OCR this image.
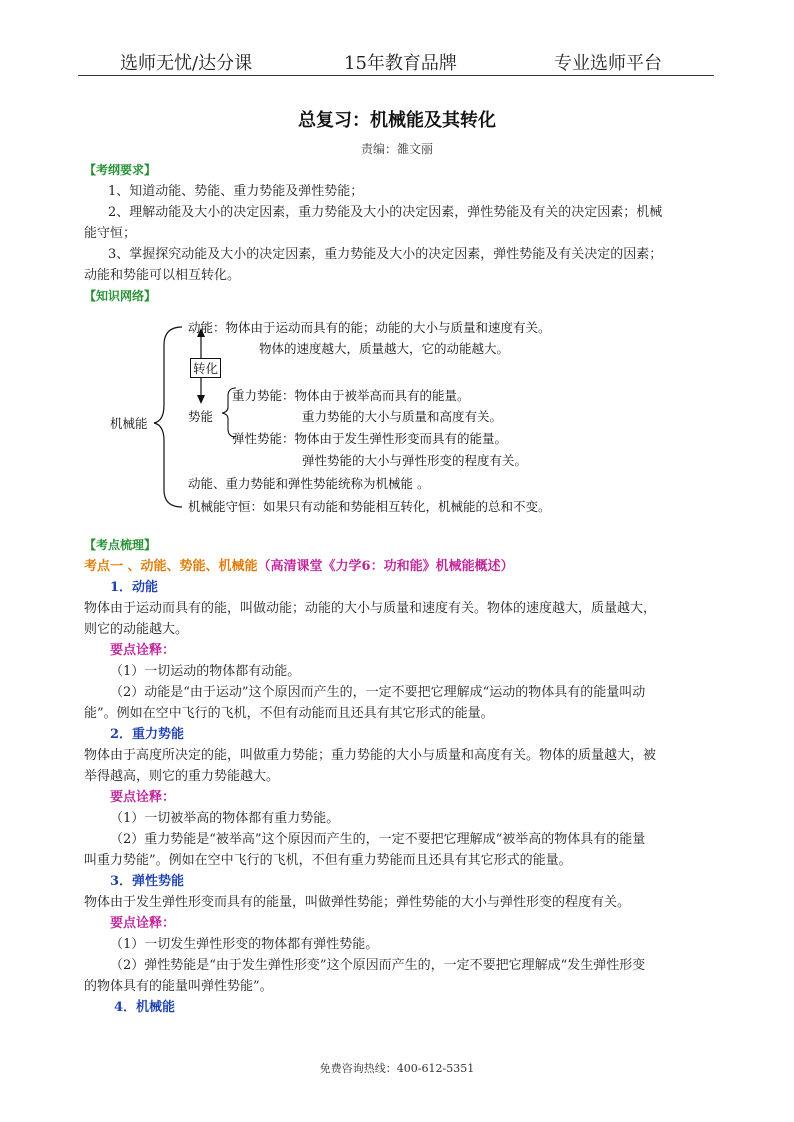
选师无忧/达分课	15年教育品牌	专业选师平台
总复习：机械能及其转化
责编：雒文丽
【考纲要求】
1、知道动能、势能、重力势能及弹性势能；
2、理解动能及大小的决定因素，重力势能及大小的决定因素，弹性势能及有关的决定因素；机械
能守恒；
3、掌握探究动能及大小的决定因素，重力势能及大小的决定因素，弹性势能及有关决定的因素；
动能和势能可以相互转化。
【知识网络】
机械能
动能：物体由于运动而具有的能；动能的大小与质量和速度有关。
物体的速度越大，质量越大，它的动能越大。
转化
势能
重力势能：物体由于被举高而具有的能量。
重力势能的大小与质量和高度有关。
弹性势能：物体由于发生弹性形变而具有的能量。
弹性势能的大小与弹性形变的程度有关。
动能、重力势能和弹性势能统称为机械能 。
机械能守恒：如果只有动能和势能相互转化，机械能的总和不变。
【考点梳理】
考点一 、动能、势能、机械能（高清课堂《力学6：功和能》机械能概述）
1．动能
物体由于运动而具有的能，叫做动能；动能的大小与质量和速度有关。物体的速度越大，质量越大，
则它的动能越大。
要点诠释：
（1）一切运动的物体都有动能。
（2）动能是“由于运动”这个原因而产生的，一定不要把它理解成“运动的物体具有的能量叫动
能”。例如在空中飞行的飞机，不但有动能而且还具有其它形式的能量。
2．重力势能
物体由于高度所决定的能，叫做重力势能；重力势能的大小与质量和高度有关。物体的质量越大，被
举得越高，则它的重力势能越大。
要点诠释：
（1）一切被举高的物体都有重力势能。
（2）重力势能是“被举高”这个原因而产生的，一定不要把它理解成“被举高的物体具有的能量
叫重力势能”。例如在空中飞行的飞机，不但有重力势能而且还具有其它形式的能量。
3．弹性势能
物体由于发生弹性形变而具有的能量，叫做弹性势能；弹性势能的大小与弹性形变的程度有关。
要点诠释：
（1）一切发生弹性形变的物体都有弹性势能。
（2）弹性势能是“由于发生弹性形变”这个原因而产生的，一定不要把它理解成“发生弹性形变
的物体具有的能量叫弹性势能”。
4．机械能
免费咨询热线：400-612-5351
